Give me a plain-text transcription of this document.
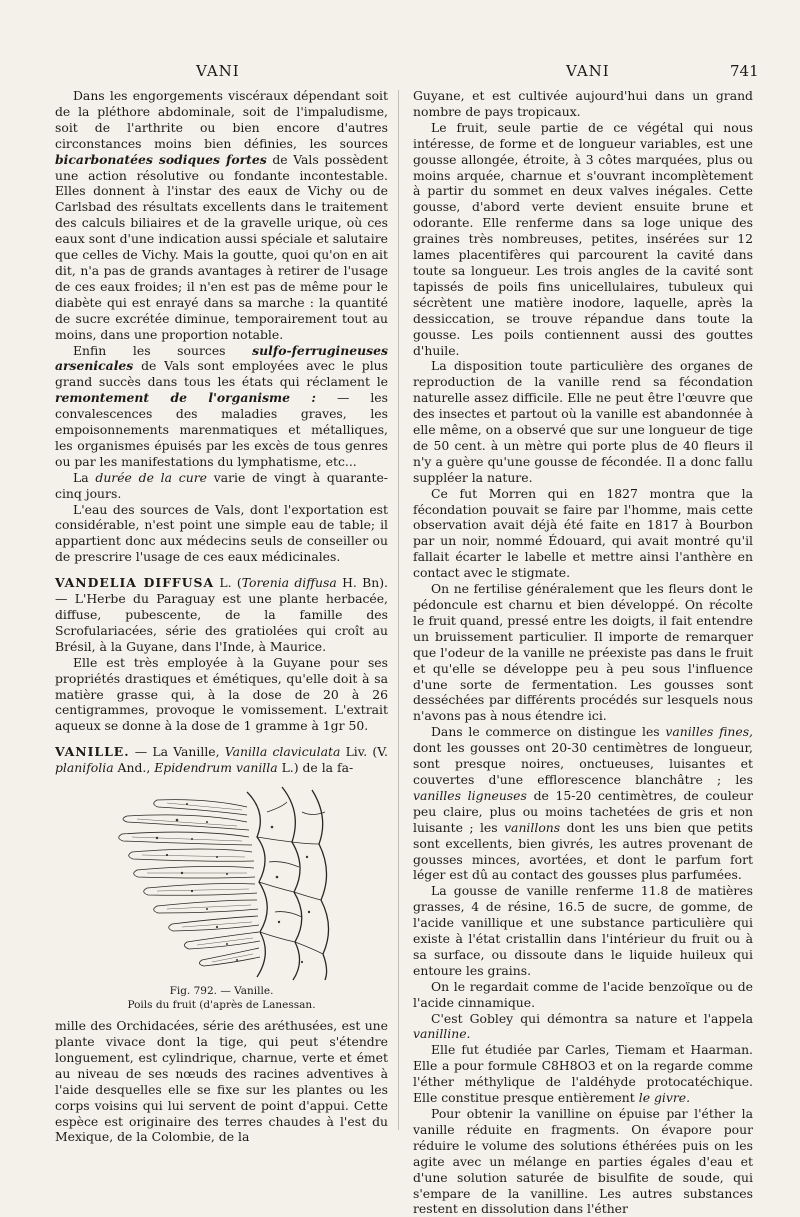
VANI	VANI	741

Dans les engorgements viscéraux dépendant soit de la pléthore abdominale, soit de l'impaludisme, soit de l'arthrite ou bien encore d'autres circonstances moins bien définies, les sources bicarbonatées sodiques fortes de Vals possèdent une action résolutive ou fondante incontestable. Elles donnent à l'instar des eaux de Vichy ou de Carlsbad des résultats excellents dans le traitement des calculs biliaires et de la gravelle urique, où ces eaux sont d'une indication aussi spéciale et salutaire que celles de Vichy. Mais la goutte, quoi qu'on en ait dit, n'a pas de grands avantages à retirer de l'usage de ces eaux froides; il n'en est pas de même pour le diabète qui est enrayé dans sa marche : la quantité de sucre excrétée diminue, temporairement tout au moins, dans une proportion notable.

Enfin les sources sulfo-ferrugineuses arsenicales de Vals sont employées avec le plus grand succès dans tous les états qui réclament le remontement de l'organisme : — les convalescences des maladies graves, les empoisonnements marenmatiques et métalliques, les organismes épuisés par les excès de tous genres ou par les manifestations du lymphatisme, etc...

La durée de la cure varie de vingt à quarante-cinq jours.

L'eau des sources de Vals, dont l'exportation est considérable, n'est point une simple eau de table; il appartient donc aux médecins seuls de conseiller ou de prescrire l'usage de ces eaux médicinales.

VANDELIA DIFFUSA L. (Torenia diffusa H. Bn). — L'Herbe du Paraguay est une plante herbacée, diffuse, pubescente, de la famille des Scrofulariacées, série des gratiolées qui croît au Brésil, à la Guyane, dans l'Inde, à Maurice.

Elle est très employée à la Guyane pour ses propriétés drastiques et émétiques, qu'elle doit à sa matière grasse qui, à la dose de 20 à 26 centigrammes, provoque le vomissement. L'extrait aqueux se donne à la dose de 1 gramme à 1gr 50.

VANILLE. — La Vanille, Vanilla claviculata Liv. (V. planifolia And., Epidendrum vanilla L.) de la fa-

Fig. 792. — Vanille.
Poils du fruit (d'après de Lanessan.

mille des Orchidacées, série des aréthusées, est une plante vivace dont la tige, qui peut s'étendre longuement, est cylindrique, charnue, verte et émet au niveau de ses nœuds des racines adventives à l'aide desquelles elle se fixe sur les plantes ou les corps voisins qui lui servent de point d'appui. Cette espèce est originaire des terres chaudes à l'est du Mexique, de la Colombie, de la

Guyane, et est cultivée aujourd'hui dans un grand nombre de pays tropicaux.

Le fruit, seule partie de ce végétal qui nous intéresse, de forme et de longueur variables, est une gousse allongée, étroite, à 3 côtes marquées, plus ou moins arquée, charnue et s'ouvrant incomplètement à partir du sommet en deux valves inégales. Cette gousse, d'abord verte devient ensuite brune et odorante. Elle renferme dans sa loge unique des graines très nombreuses, petites, insérées sur 12 lames placentifères qui parcourent la cavité dans toute sa longueur. Les trois angles de la cavité sont tapissés de poils fins unicellulaires, tubuleux qui sécrètent une matière inodore, laquelle, après la dessiccation, se trouve répandue dans toute la gousse. Les poils contiennent aussi des gouttes d'huile.

La disposition toute particulière des organes de reproduction de la vanille rend sa fécondation naturelle assez difficile. Elle ne peut être l'œuvre que des insectes et partout où la vanille est abandonnée à elle même, on a observé que sur une longueur de tige de 50 cent. à un mètre qui porte plus de 40 fleurs il n'y a guère qu'une gousse de fécondée. Il a donc fallu suppléer la nature.

Ce fut Morren qui en 1827 montra que la fécondation pouvait se faire par l'homme, mais cette observation avait déjà été faite en 1817 à Bourbon par un noir, nommé Édouard, qui avait montré qu'il fallait écarter le labelle et mettre ainsi l'anthère en contact avec le stigmate.

On ne fertilise généralement que les fleurs dont le pédoncule est charnu et bien développé. On récolte le fruit quand, pressé entre les doigts, il fait entendre un bruissement particulier. Il importe de remarquer que l'odeur de la vanille ne préexiste pas dans le fruit et qu'elle se développe peu à peu sous l'influence d'une sorte de fermentation. Les gousses sont desséchées par différents procédés sur lesquels nous n'avons pas à nous étendre ici.

Dans le commerce on distingue les vanilles fines, dont les gousses ont 20-30 centimètres de longueur, sont presque noires, onctueuses, luisantes et couvertes d'une efflorescence blanchâtre ; les vanilles ligneuses de 15-20 centimètres, de couleur peu claire, plus ou moins tachetées de gris et non luisante ; les vanillons dont les uns bien que petits sont excellents, bien givrés, les autres provenant de gousses minces, avortées, et dont le parfum fort léger est dû au contact des gousses plus parfumées.

La gousse de vanille renferme 11.8 de matières grasses, 4 de résine, 16.5 de sucre, de gomme, de l'acide vanillique et une substance particulière qui existe à l'état cristallin dans l'intérieur du fruit ou à sa surface, ou dissoute dans le liquide huileux qui entoure les grains.

On le regardait comme de l'acide benzoïque ou de l'acide cinnamique.

C'est Gobley qui démontra sa nature et l'appela vanilline.

Elle fut étudiée par Carles, Tiemam et Haarman. Elle a pour formule C8H8O3 et on la regarde comme l'éther méthylique de l'aldéhyde protocatéchique. Elle constitue presque entièrement le givre.

Pour obtenir la vanilline on épuise par l'éther la vanille réduite en fragments. On évapore pour réduire le volume des solutions éthérées puis on les agite avec un mélange en parties égales d'eau et d'une solution saturée de bisulfite de soude, qui s'empare de la vanilline. Les autres substances restent en dissolution dans l'éther
